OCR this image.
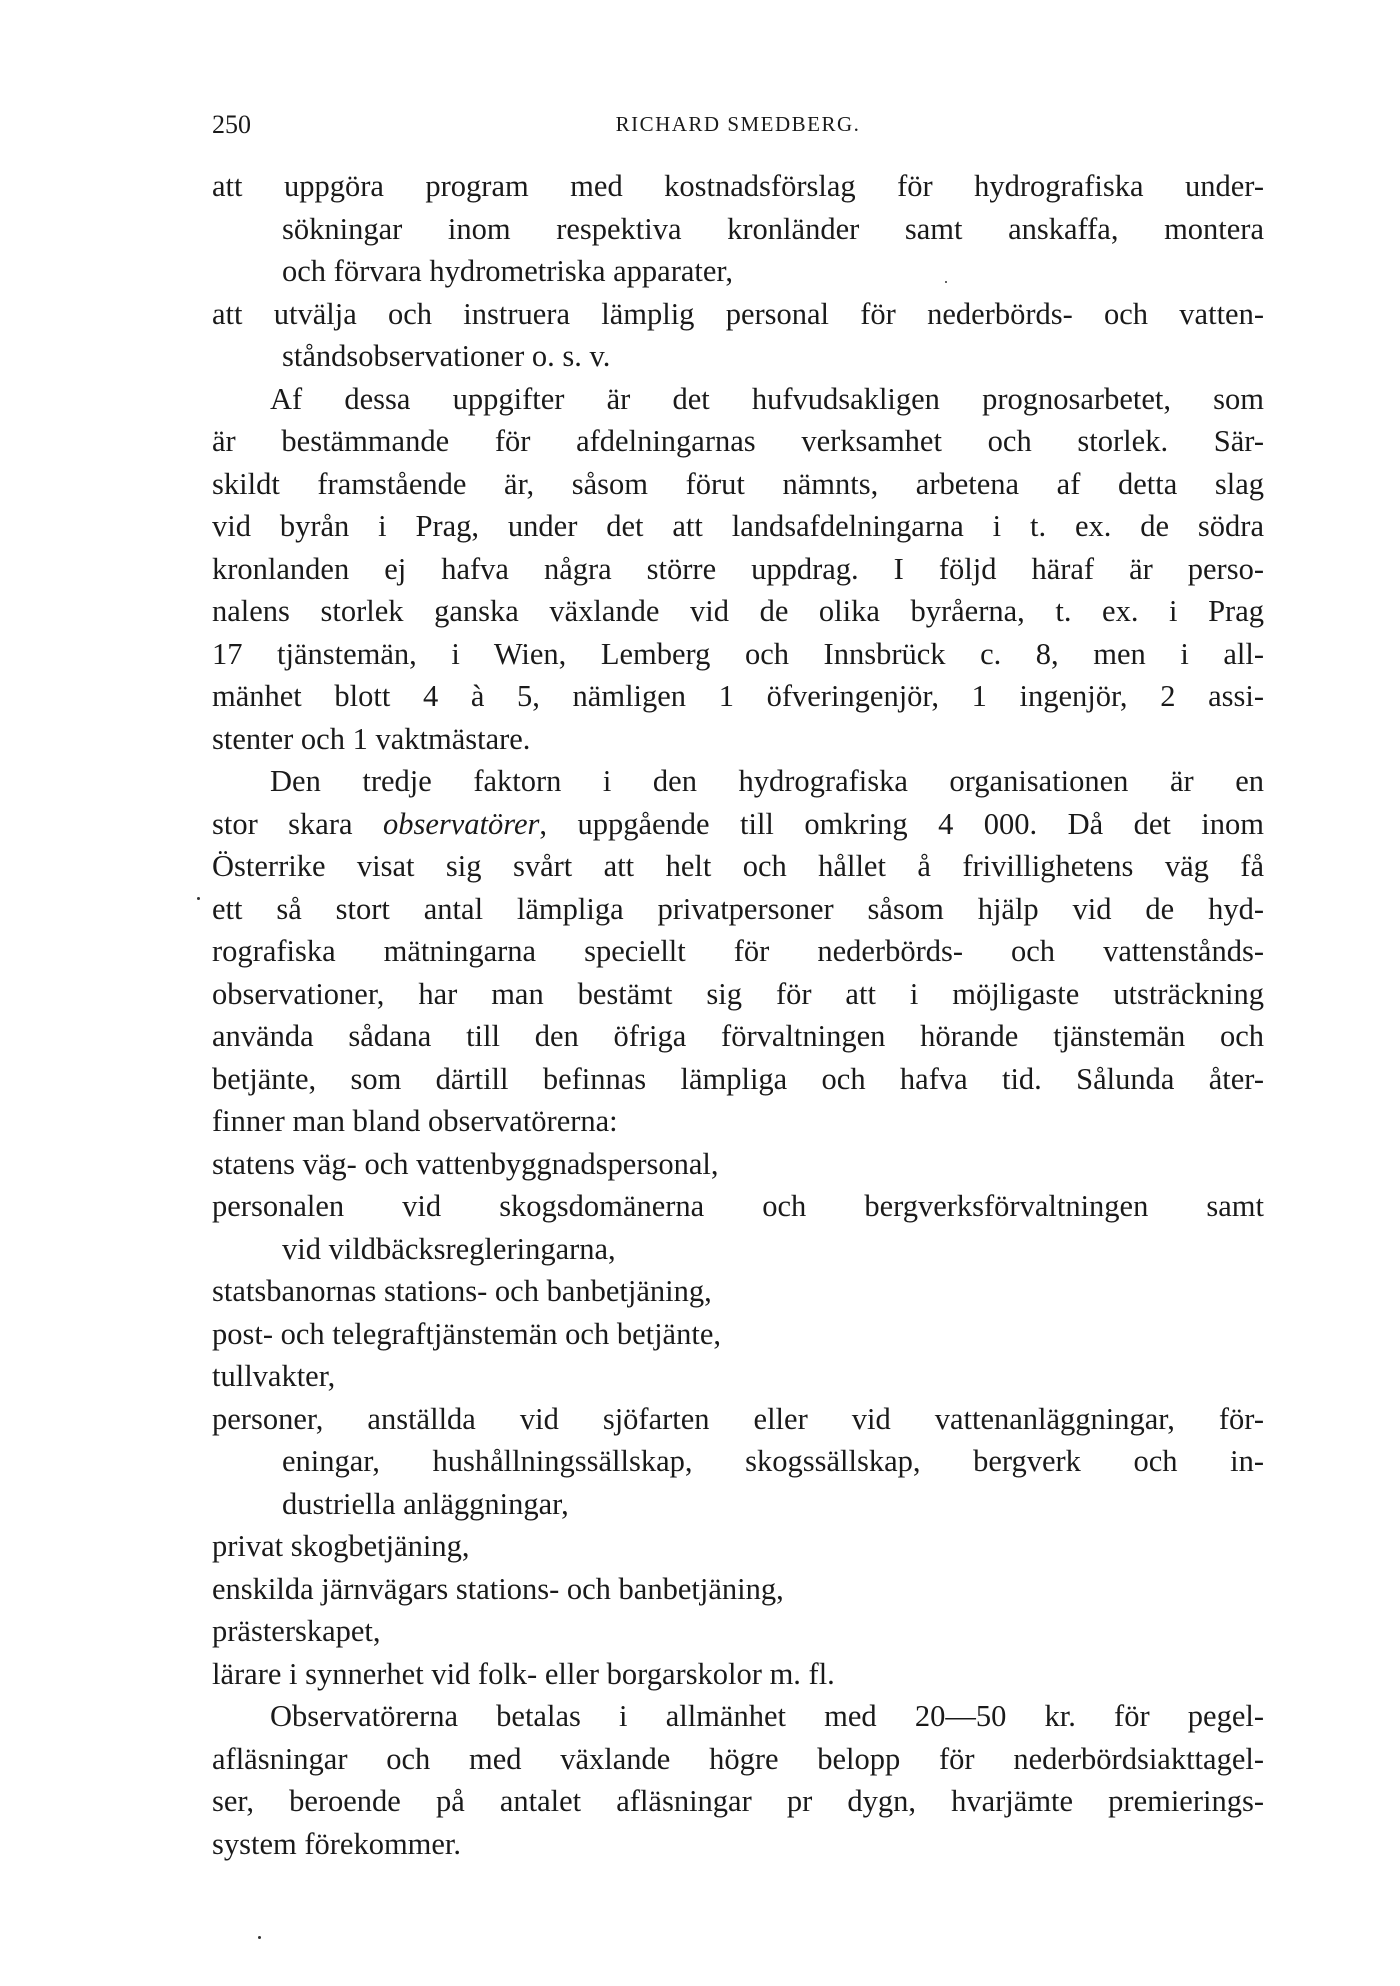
250	RICHARD SMEDBERG.
att uppgöra program med kostnadsförslag för hydrografiska under-
sökningar inom respektiva kronländer samt anskaffa, montera
och förvara hydrometriska apparater,
att utvälja och instruera lämplig personal för nederbörds- och vatten-
ståndsobservationer o. s. v.
Af dessa uppgifter är det hufvudsakligen prognosarbetet, som
är bestämmande för afdelningarnas verksamhet och storlek. Sär-
skildt framstående är, såsom förut nämnts, arbetena af detta slag
vid byrån i Prag, under det att landsafdelningarna i t. ex. de södra
kronlanden ej hafva några större uppdrag. I följd häraf är perso-
nalens storlek ganska växlande vid de olika byråerna, t. ex. i Prag
17 tjänstemän, i Wien, Lemberg och Innsbrück c. 8, men i all-
mänhet blott 4 à 5, nämligen 1 öfveringenjör, 1 ingenjör, 2 assi-
stenter och 1 vaktmästare.
Den tredje faktorn i den hydrografiska organisationen är en
stor skara observatörer, uppgående till omkring 4 000. Då det inom
Österrike visat sig svårt att helt och hållet å frivillighetens väg få
ett så stort antal lämpliga privatpersoner såsom hjälp vid de hyd-
rografiska mätningarna speciellt för nederbörds- och vattenstånds-
observationer, har man bestämt sig för att i möjligaste utsträckning
använda sådana till den öfriga förvaltningen hörande tjänstemän och
betjänte, som därtill befinnas lämpliga och hafva tid. Sålunda åter-
finner man bland observatörerna:
statens väg- och vattenbyggnadspersonal,
personalen vid skogsdomänerna och bergverksförvaltningen samt
vid vildbäcksregleringarna,
statsbanornas stations- och banbetjäning,
post- och telegraftjänstemän och betjänte,
tullvakter,
personer, anställda vid sjöfarten eller vid vattenanläggningar, för-
eningar, hushållningssällskap, skogssällskap, bergverk och in-
dustriella anläggningar,
privat skogbetjäning,
enskilda järnvägars stations- och banbetjäning,
prästerskapet,
lärare i synnerhet vid folk- eller borgarskolor m. fl.
Observatörerna betalas i allmänhet med 20—50 kr. för pegel-
afläsningar och med växlande högre belopp för nederbördsiakttagel-
ser, beroende på antalet afläsningar pr dygn, hvarjämte premierings-
system förekommer.
